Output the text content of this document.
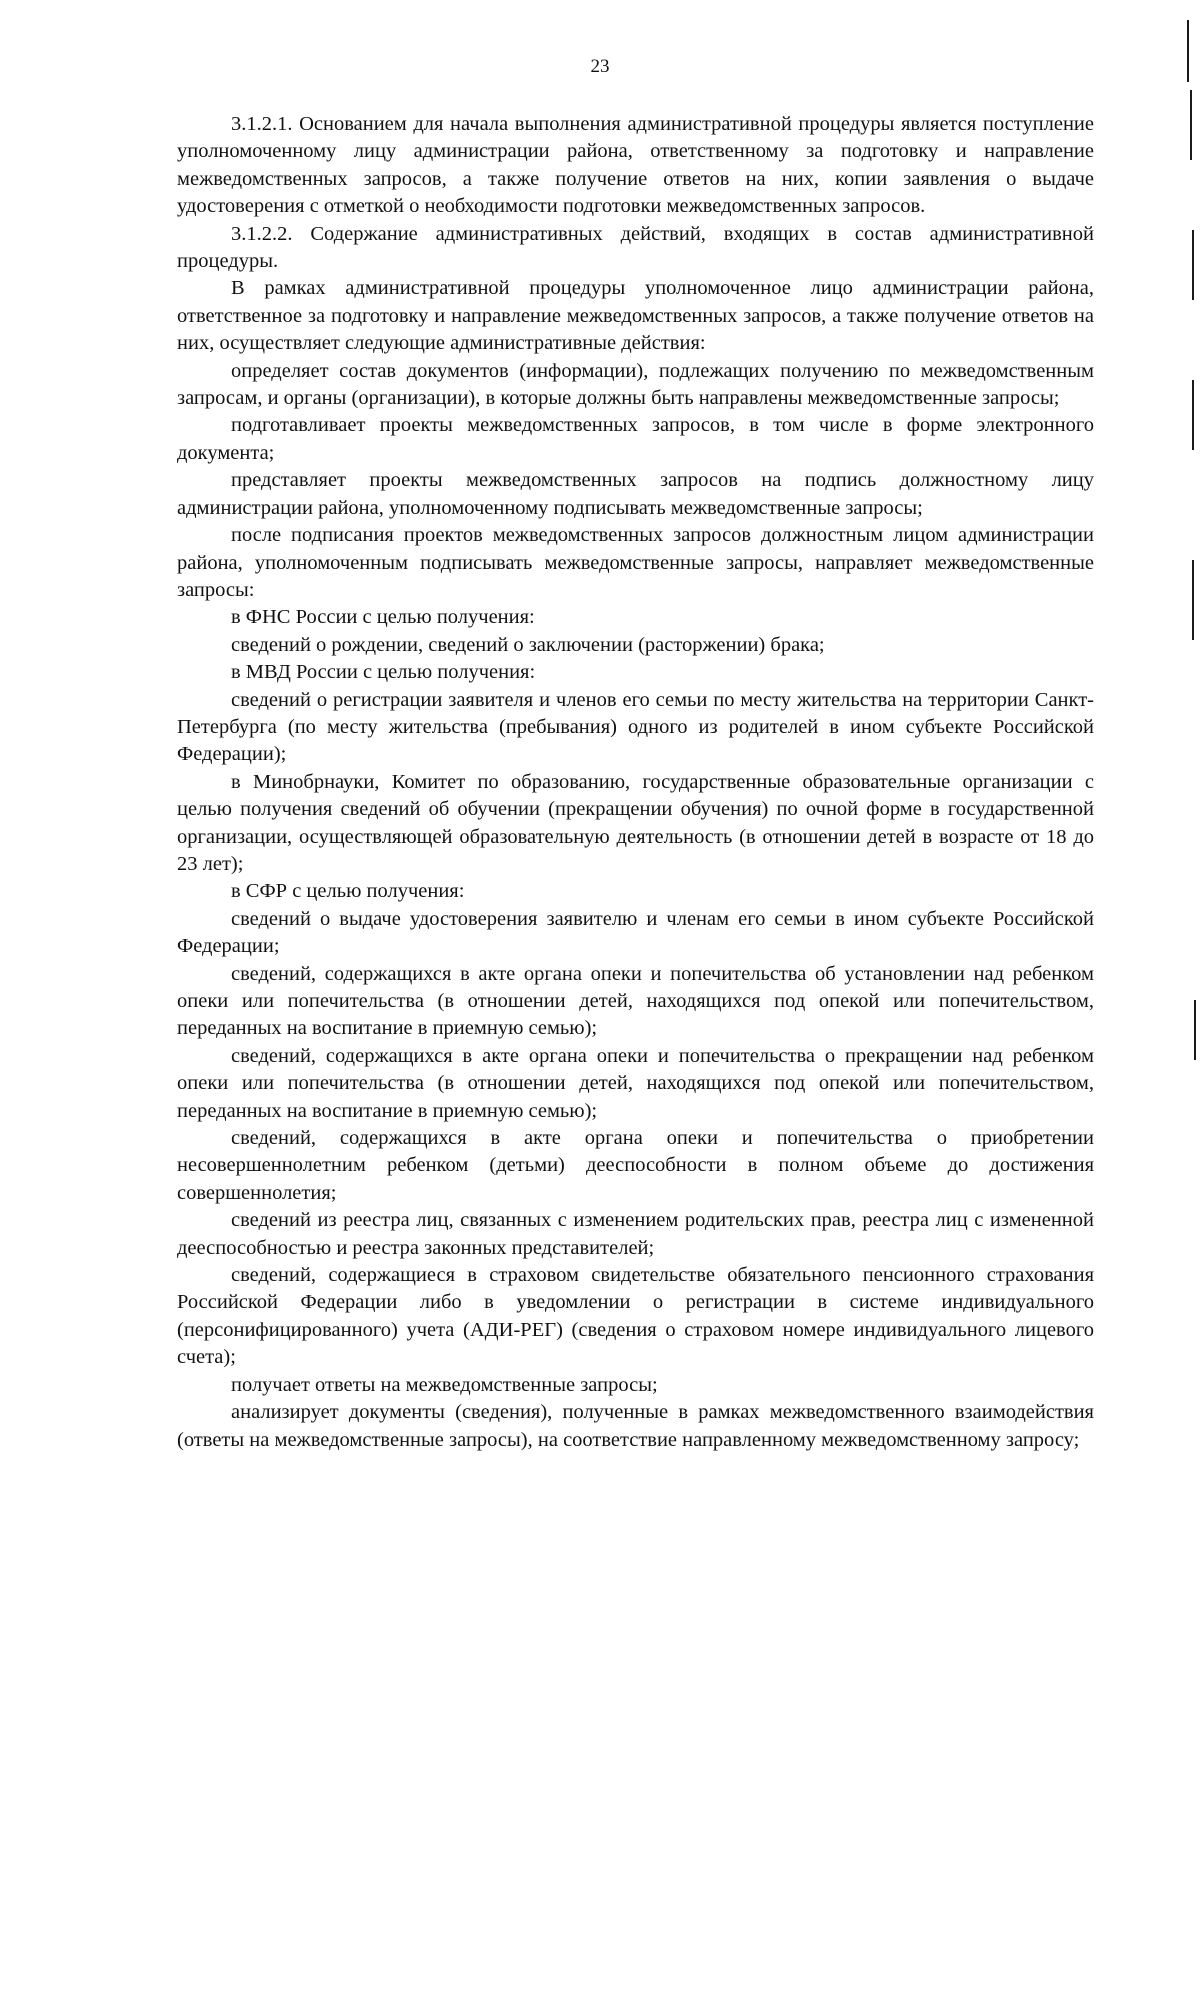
23

3.1.2.1. Основанием для начала выполнения административной процедуры является поступление уполномоченному лицу администрации района, ответственному за подготовку и направление межведомственных запросов, а также получение ответов на них, копии заявления о выдаче удостоверения с отметкой о необходимости подготовки межведомственных запросов.

3.1.2.2. Содержание административных действий, входящих в состав административной процедуры.

В рамках административной процедуры уполномоченное лицо администрации района, ответственное за подготовку и направление межведомственных запросов, а также получение ответов на них, осуществляет следующие административные действия:

определяет состав документов (информации), подлежащих получению по межведомственным запросам, и органы (организации), в которые должны быть направлены межведомственные запросы;

подготавливает проекты межведомственных запросов, в том числе в форме электронного документа;

представляет проекты межведомственных запросов на подпись должностному лицу администрации района, уполномоченному подписывать межведомственные запросы;

после подписания проектов межведомственных запросов должностным лицом администрации района, уполномоченным подписывать межведомственные запросы, направляет межведомственные запросы:

в ФНС России с целью получения:

сведений о рождении, сведений о заключении (расторжении) брака;

в МВД России с целью получения:

сведений о регистрации заявителя и членов его семьи по месту жительства на территории Санкт-Петербурга (по месту жительства (пребывания) одного из родителей в ином субъекте Российской Федерации);

в Минобрнауки, Комитет по образованию, государственные образовательные организации с целью получения сведений об обучении (прекращении обучения) по очной форме в государственной организации, осуществляющей образовательную деятельность (в отношении детей в возрасте от 18 до 23 лет);

в СФР с целью получения:

сведений о выдаче удостоверения заявителю и членам его семьи в ином субъекте Российской Федерации;

сведений, содержащихся в акте органа опеки и попечительства об установлении над ребенком опеки или попечительства (в отношении детей, находящихся под опекой или попечительством, переданных на воспитание в приемную семью);

сведений, содержащихся в акте органа опеки и попечительства о прекращении над ребенком опеки или попечительства (в отношении детей, находящихся под опекой или попечительством, переданных на воспитание в приемную семью);

сведений, содержащихся в акте органа опеки и попечительства о приобретении несовершеннолетним ребенком (детьми) дееспособности в полном объеме до достижения совершеннолетия;

сведений из реестра лиц, связанных с изменением родительских прав, реестра лиц с измененной дееспособностью и реестра законных представителей;

сведений, содержащиеся в страховом свидетельстве обязательного пенсионного страхования Российской Федерации либо в уведомлении о регистрации в системе индивидуального (персонифицированного) учета (АДИ-РЕГ) (сведения о страховом номере индивидуального лицевого счета);

получает ответы на межведомственные запросы;

анализирует документы (сведения), полученные в рамках межведомственного взаимодействия (ответы на межведомственные запросы), на соответствие направленному межведомственному запросу;
